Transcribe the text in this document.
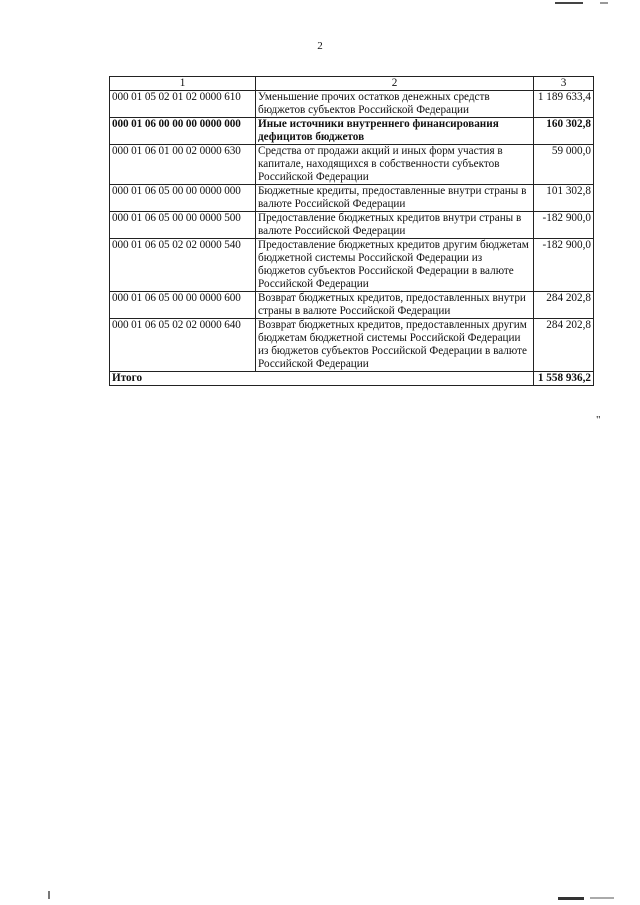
2
1	2	3
000 01 05 02 01 02 0000 610	Уменьшение прочих остатков денежных средств бюджетов субъектов Российской Федерации	1 189 633,4
000 01 06 00 00 00 0000 000	Иные источники внутреннего финансирования дефицитов бюджетов	160 302,8
000 01 06 01 00 02 0000 630	Средства от продажи акций и иных форм участия в капитале, находящихся в собственности субъектов Российской Федерации	59 000,0
000 01 06 05 00 00 0000 000	Бюджетные кредиты, предоставленные внутри страны в валюте Российской Федерации	101 302,8
000 01 06 05 00 00 0000 500	Предоставление бюджетных кредитов внутри страны в валюте Российской Федерации	-182 900,0
000 01 06 05 02 02 0000 540	Предоставление бюджетных кредитов другим бюджетам бюджетной системы Российской Федерации из бюджетов субъектов Российской Федерации в валюте Российской Федерации	-182 900,0
000 01 06 05 00 00 0000 600	Возврат бюджетных кредитов, предоставленных внутри страны в валюте Российской Федерации	284 202,8
000 01 06 05 02 02 0000 640	Возврат бюджетных кредитов, предоставленных другим бюджетам бюджетной системы Российской Федерации из бюджетов субъектов Российской Федерации в валюте Российской Федерации	284 202,8
Итого		1 558 936,2
"
